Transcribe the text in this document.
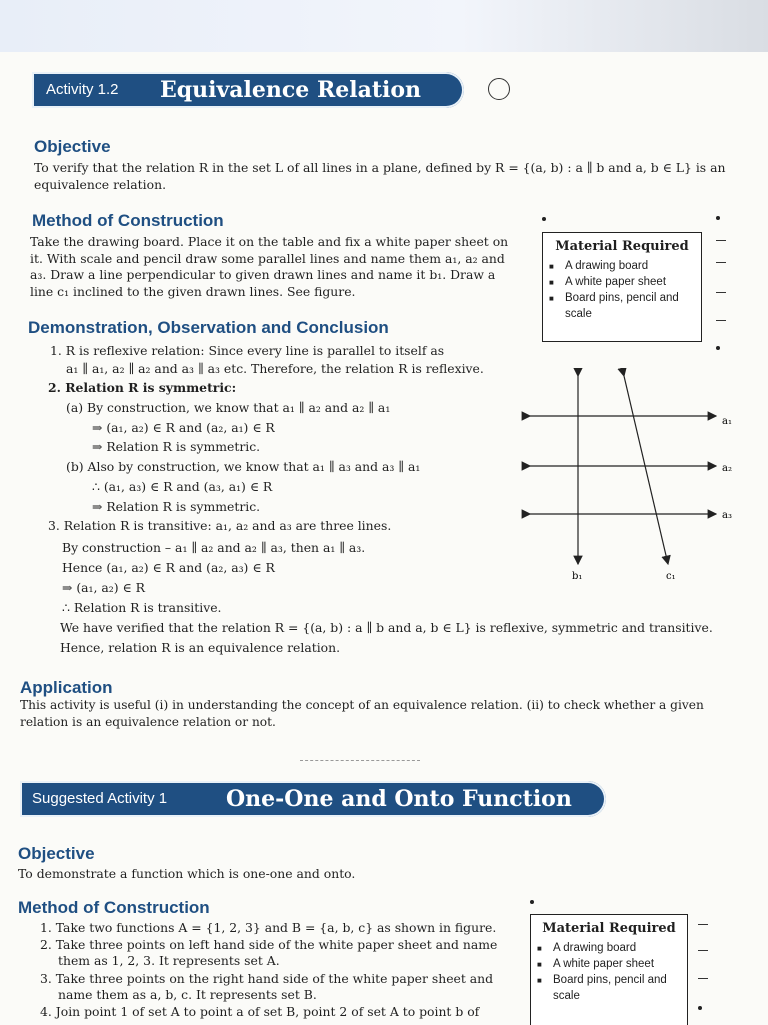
Activity 1.2 Equivalence Relation
Objective
To verify that the relation R in the set L of all lines in a plane, defined by R = {(a, b) : a ∥ b and a, b ∈ L} is an equivalence relation.
Method of Construction
Take the drawing board. Place it on the table and fix a white paper sheet on it. With scale and pencil draw some parallel lines and name them a₁, a₂ and a₃. Draw a line perpendicular to given drawn lines and name it b₁. Draw a line c₁ inclined to the given drawn lines. See figure.
Material Required
■ A drawing board
■ A white paper sheet
■ Board pins, pencil and scale
Demonstration, Observation and Conclusion
1. R is reflexive relation: Since every line is parallel to itself as
a₁ ∥ a₁, a₂ ∥ a₂ and a₃ ∥ a₃ etc. Therefore, the relation R is reflexive.
2. Relation R is symmetric:
(a) By construction, we know that a₁ ∥ a₂ and a₂ ∥ a₁
⇒ (a₁, a₂) ∈ R and (a₂, a₁) ∈ R
⇒ Relation R is symmetric.
(b) Also by construction, we know that a₁ ∥ a₃ and a₃ ∥ a₁
∴ (a₁, a₃) ∈ R and (a₃, a₁) ∈ R
⇒ Relation R is symmetric.
3. Relation R is transitive: a₁, a₂ and a₃ are three lines.
By construction – a₁ ∥ a₂ and a₂ ∥ a₃, then a₁ ∥ a₃.
Hence (a₁, a₂) ∈ R and (a₂, a₃) ∈ R
⇒ (a₁, a₂) ∈ R
∴ Relation R is transitive.
We have verified that the relation R = {(a, b) : a ∥ b and a, b ∈ L} is reflexive, symmetric and transitive.
Hence, relation R is an equivalence relation.
a₁
a₂
a₃
b₁	c₁
Application
This activity is useful (i) in understanding the concept of an equivalence relation. (ii) to check whether a given relation is an equivalence relation or not.
Suggested Activity 1	One-One and Onto Function
Objective
To demonstrate a function which is one-one and onto.
Method of Construction
1. Take two functions A = {1, 2, 3} and B = {a, b, c} as shown in figure.
2. Take three points on left hand side of the white paper sheet and name
them as 1, 2, 3. It represents set A.
3. Take three points on the right hand side of the white paper sheet and
name them as a, b, c. It represents set B.
4. Join point 1 of set A to point a of set B, point 2 of set A to point b of
Material Required
■ A drawing board
■ A white paper sheet
■ Board pins, pencil and scale
